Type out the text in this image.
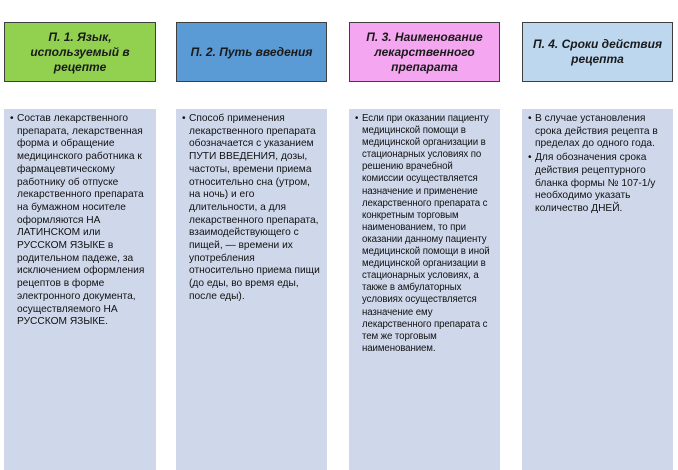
П. 1. Язык, используемый в рецепте
• Состав лекарственного препарата, лекарственная форма и обращение медицинского работника к фармацевтическому работнику об отпуске лекарственного препарата на бумажном носителе оформляются НА ЛАТИНСКОМ или РУССКОМ ЯЗЫКЕ в родительном падеже, за исключением оформления рецептов в форме электронного документа, осуществляемого НА РУССКОМ ЯЗЫКЕ.
П. 2. Путь введения
• Способ применения лекарственного препарата обозначается с указанием ПУТИ ВВЕДЕНИЯ, дозы, частоты, времени приема относительно сна (утром, на ночь) и его длительности, а для лекарственного препарата, взаимодействующего с пищей, — времени их употребления относительно приема пищи (до еды, во время еды, после еды).
П. 3. Наименование лекарственного препарата
• Если при оказании пациенту медицинской помощи в медицинской организации в стационарных условиях по решению врачебной комиссии осуществляется назначение и применение лекарственного препарата с конкретным торговым наименованием, то при оказании данному пациенту медицинской помощи в иной медицинской организации в стационарных условиях, а также в амбулаторных условиях осуществляется назначение ему лекарственного препарата с тем же торговым наименованием.
П. 4. Сроки действия рецепта
• В случае установления срока действия рецепта в пределах до одного года.
• Для обозначения срока действия рецептурного бланка формы № 107-1/у необходимо указать количество ДНЕЙ.
